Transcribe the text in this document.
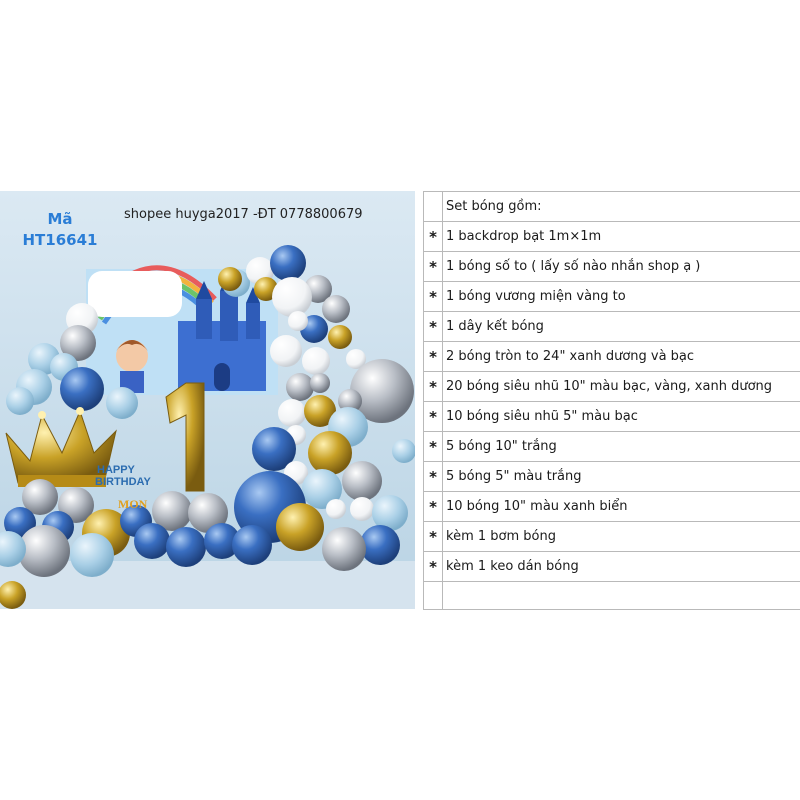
Mã
HT16641
shopee huyga2017 -ĐT 0778800679
HAPPY
BIRTHDAY
MON
	Set bóng gồm:
*	1 backdrop bạt 1m×1m
*	1 bóng số to ( lấy số nào nhắn shop ạ )
*	1 bóng vương miện vàng to
*	1 dây kết bóng
*	2 bóng tròn to 24" xanh dương và bạc
*	20 bóng siêu nhũ 10" màu bạc, vàng, xanh dương
*	10 bóng siêu nhũ 5" màu bạc
*	5 bóng 10" trắng
*	5 bóng 5" màu trắng
*	10 bóng 10" màu xanh biển
*	kèm 1 bơm bóng
*	kèm 1 keo dán bóng
